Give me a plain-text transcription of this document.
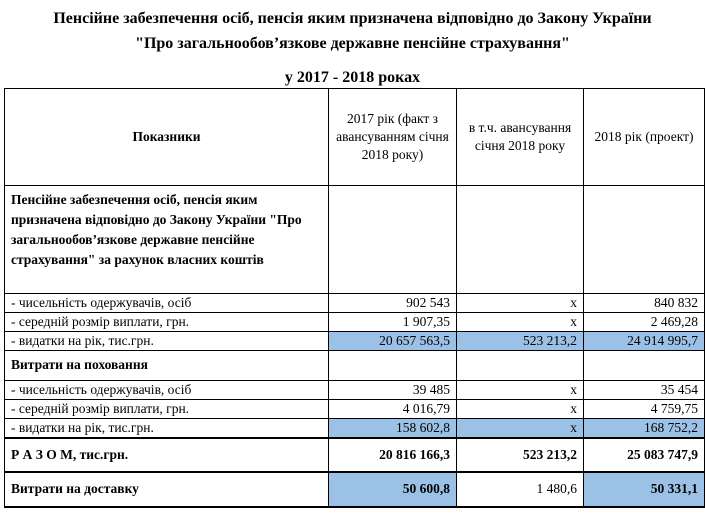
Пенсійне забезпечення осіб, пенсія яким призначена відповідно до Закону України
"Про загальнообов’язкове державне пенсійне страхування"
у 2017 - 2018 роках
Показники	2017 рік (факт з авансуванням січня 2018 року)	в т.ч. авансування січня 2018 року	2018 рік (проект)
Пенсійне забезпечення осіб, пенсія яким призначена відповідно до Закону України "Про загальнообов’язкове державне пенсійне страхування" за рахунок власних коштів			
- чисельність одержувачів, осіб	902 543	x	840 832
- середній розмір виплати, грн.	1 907,35	x	2 469,28
- видатки на рік, тис.грн.	20 657 563,5	523 213,2	24 914 995,7
Витрати на поховання			
- чисельність одержувачів, осіб	39 485	x	35 454
- середній розмір виплати, грн.	4 016,79	x	4 759,75
- видатки на рік, тис.грн.	158 602,8	x	168 752,2
Р А З О М, тис.грн.	20 816 166,3	523 213,2	25 083 747,9
Витрати на доставку	50 600,8	1 480,6	50 331,1
